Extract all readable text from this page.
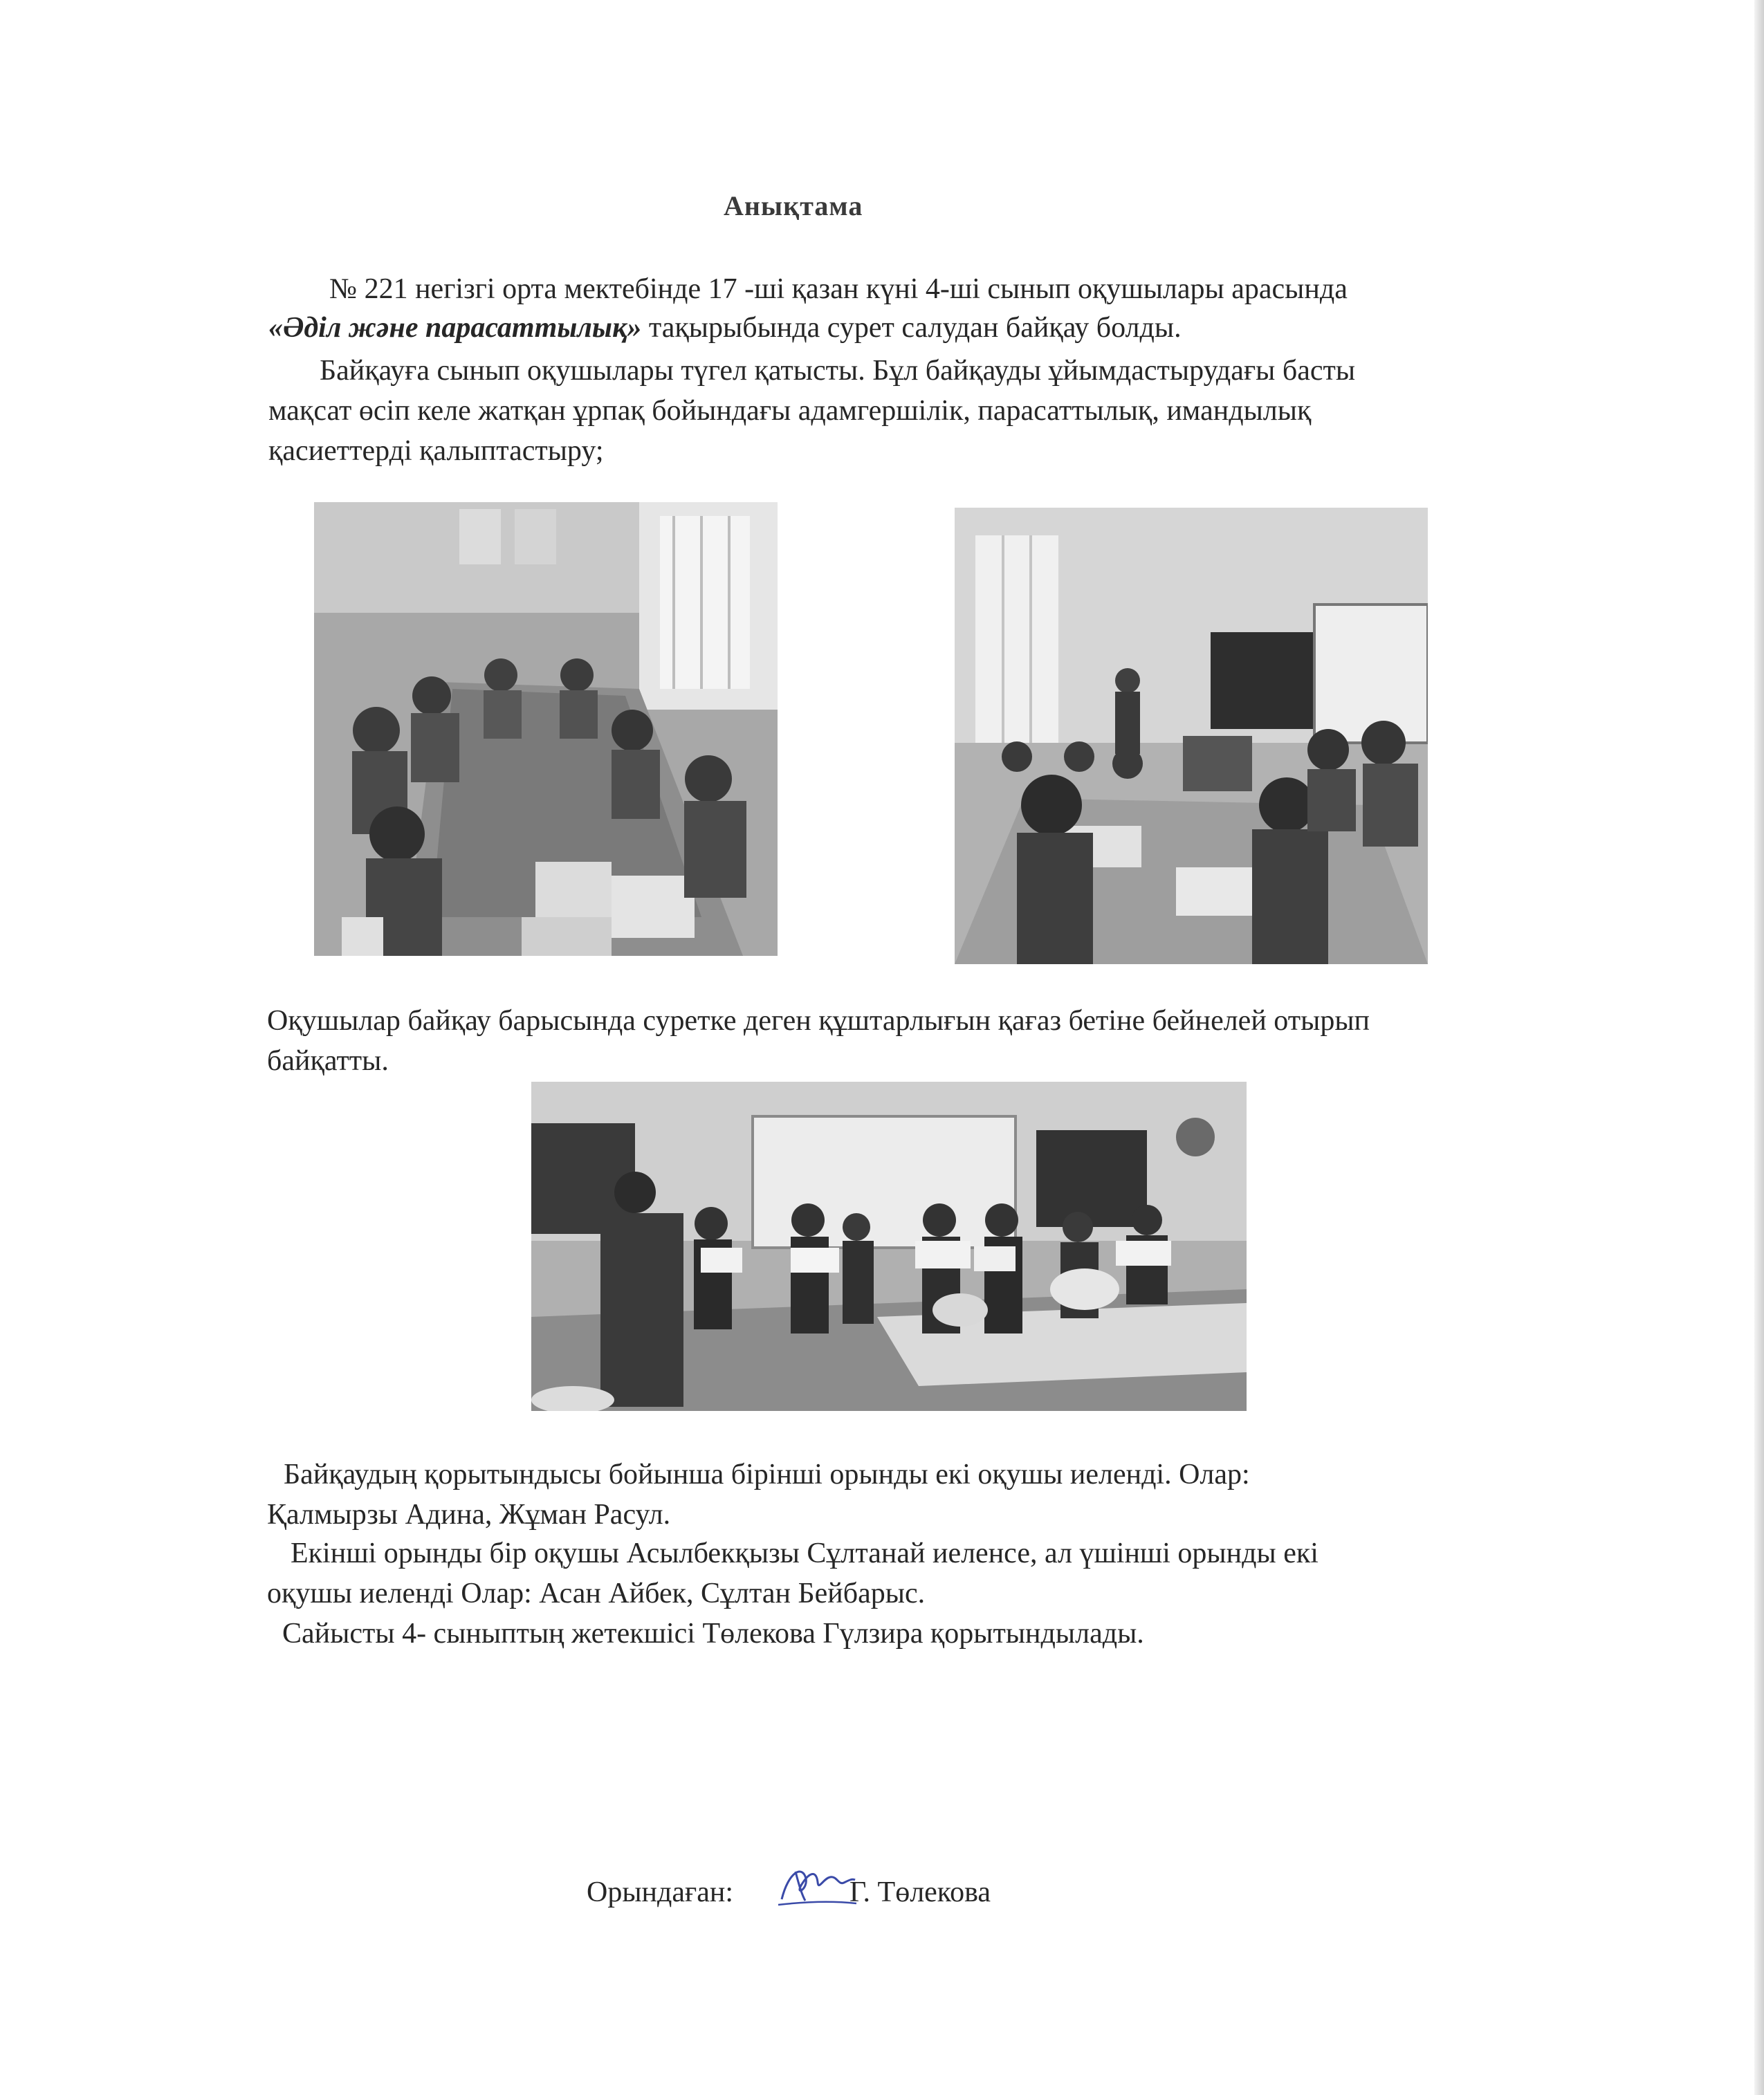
Анықтама
№ 221 негізгі орта мектебінде 17 -ші қазан күні 4-ші сынып оқушылары арасында
«Әділ және парасаттылық» тақырыбында сурет салудан байқау болды.
Байқауға сынып оқушылары түгел қатысты. Бұл байқауды ұйымдастырудағы басты
мақсат өсіп келе жатқан ұрпақ бойындағы адамгершілік, парасаттылық, имандылық
қасиеттерді қалыптастыру;
Оқушылар байқау барысында суретке деген құштарлығын қағаз бетіне бейнелей отырып
байқатты.
Байқаудың қорытындысы бойынша бірінші орынды екі оқушы иеленді. Олар:
Қалмырзы Адина, Жұман Расул.
Екінші орынды бір оқушы Асылбекқызы Сұлтанай иеленсе, ал үшінші орынды екі
оқушы иеленді Олар: Асан Айбек, Сұлтан Бейбарыс.
Сайысты 4- сыныптың жетекшісі Төлекова Гүлзира қорытындылады.
Орындаған:	Г. Төлекова
